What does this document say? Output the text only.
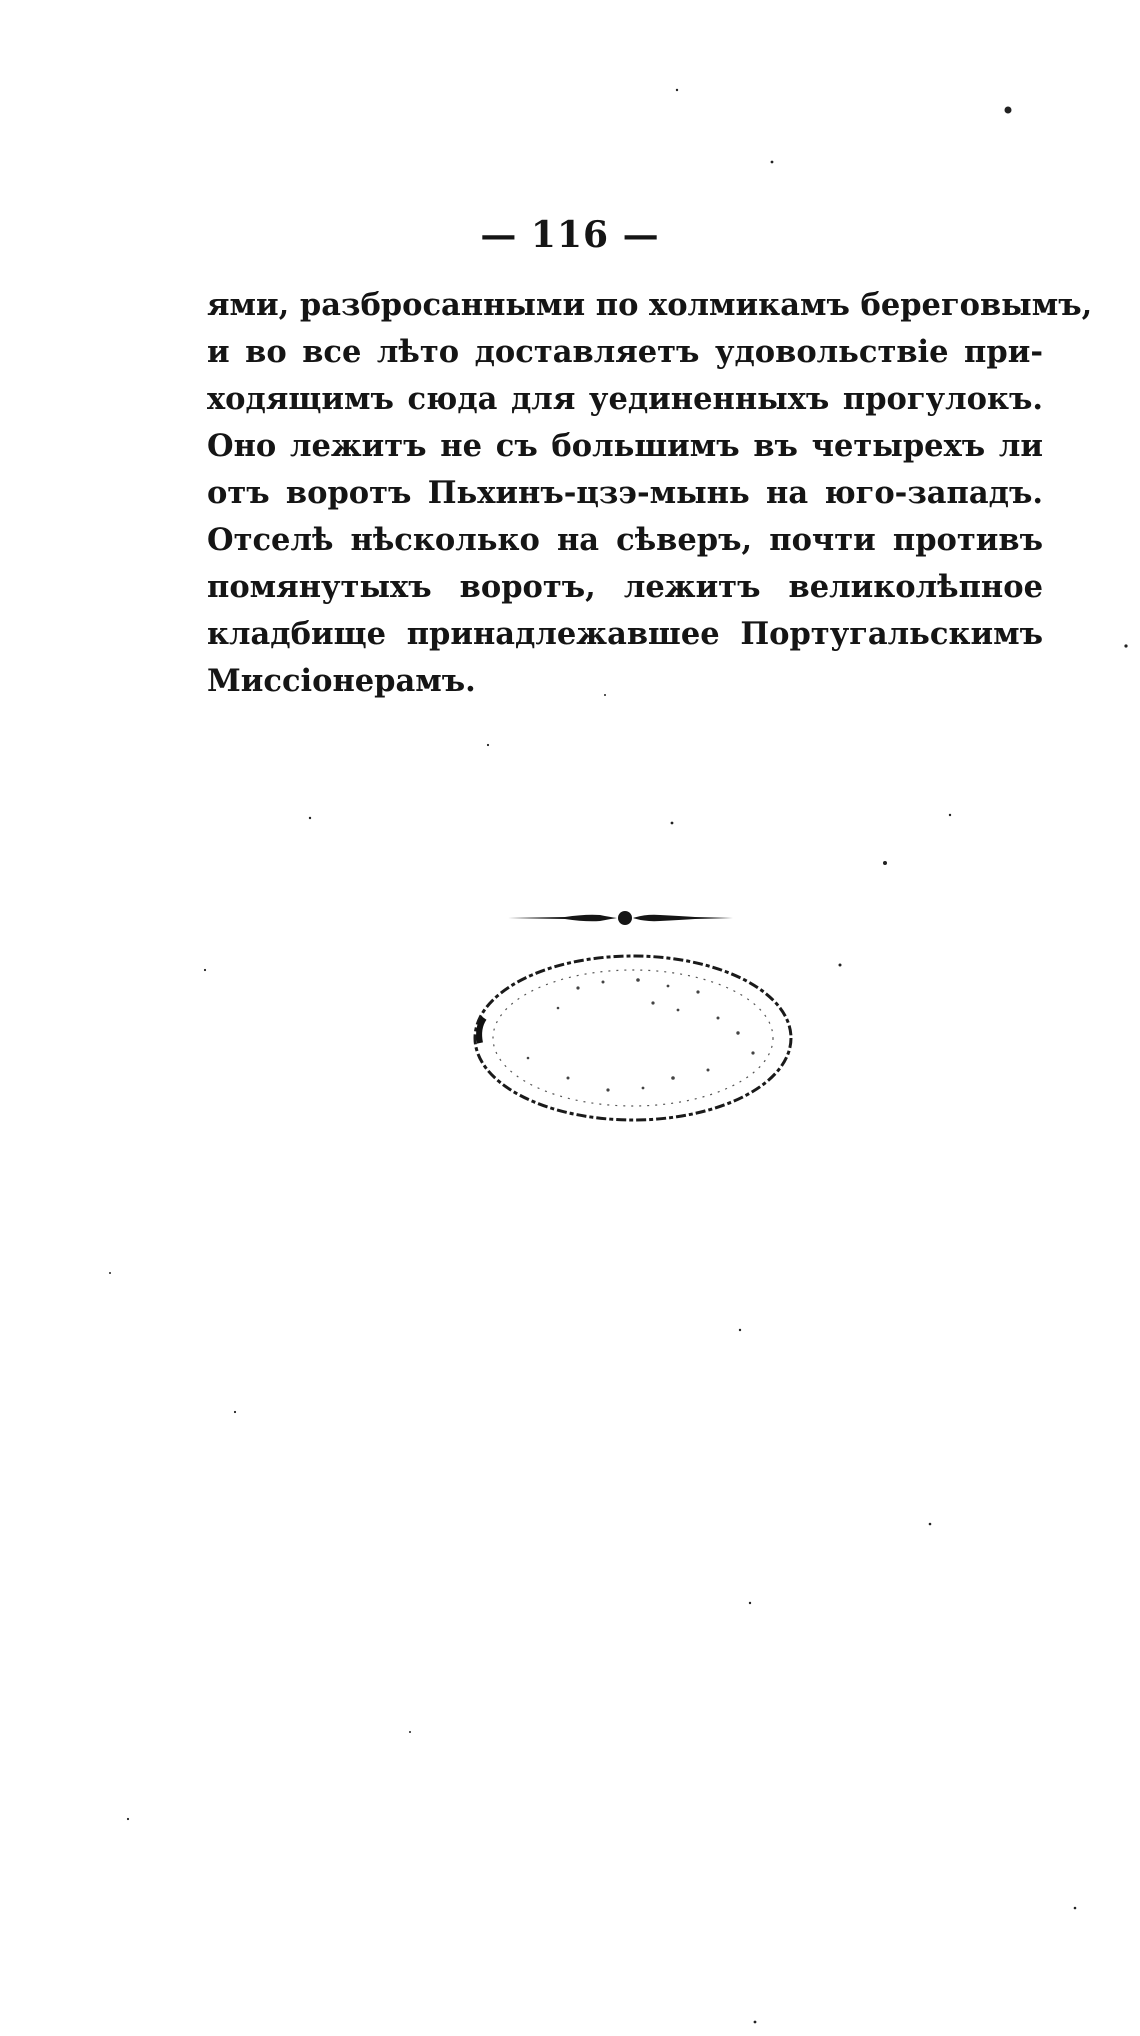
— 116 —
ями, разбросанными по холмикамъ береговымъ,
и во все лѣто доставляетъ удовольствіе при-
ходящимъ сюда для уединенныхъ прогулокъ.
Оно лежитъ не съ большимъ въ четырехъ ли
отъ воротъ Пьхинъ-цзэ-мынь на юго-западъ.
Отселѣ нѣсколько на сѣверъ, почти противъ
помянутыхъ воротъ, лежитъ великолѣпное
кладбище принадлежавшее Португальскимъ
Миссіонерамъ.
